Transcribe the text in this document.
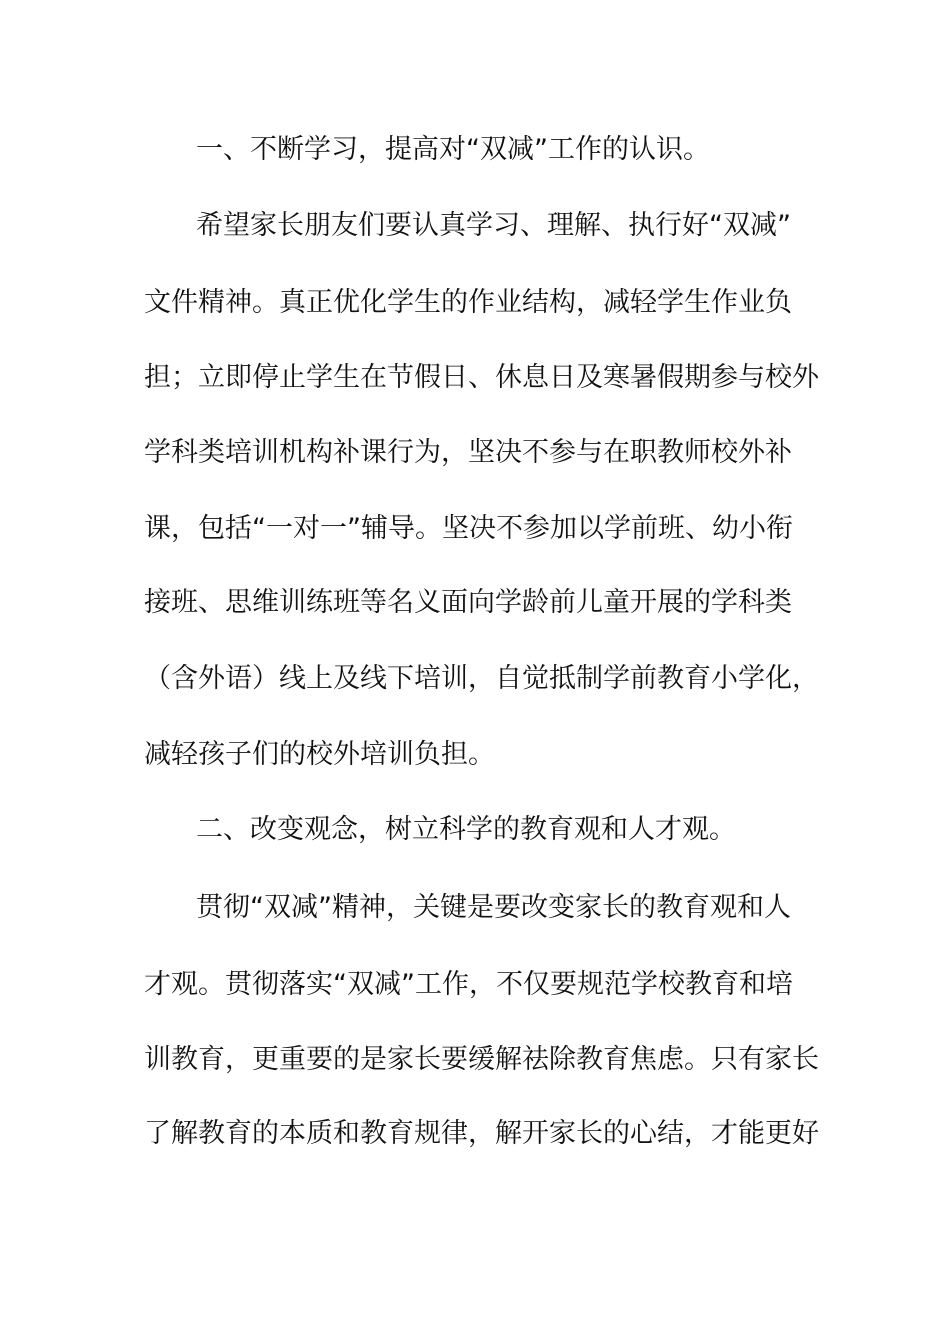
一、不断学习，提高对“双减”工作的认识。
希望家长朋友们要认真学习、理解、执行好“双减”
文件精神。真正优化学生的作业结构，减轻学生作业负
担；立即停止学生在节假日、休息日及寒暑假期参与校外
学科类培训机构补课行为，坚决不参与在职教师校外补
课，包括“一对一”辅导。坚决不参加以学前班、幼小衔
接班、思维训练班等名义面向学龄前儿童开展的学科类
（含外语）线上及线下培训，自觉抵制学前教育小学化，
减轻孩子们的校外培训负担。
二、改变观念，树立科学的教育观和人才观。
贯彻“双减”精神，关键是要改变家长的教育观和人
才观。贯彻落实“双减”工作，不仅要规范学校教育和培
训教育，更重要的是家长要缓解祛除教育焦虑。只有家长
了解教育的本质和教育规律，解开家长的心结，才能更好
